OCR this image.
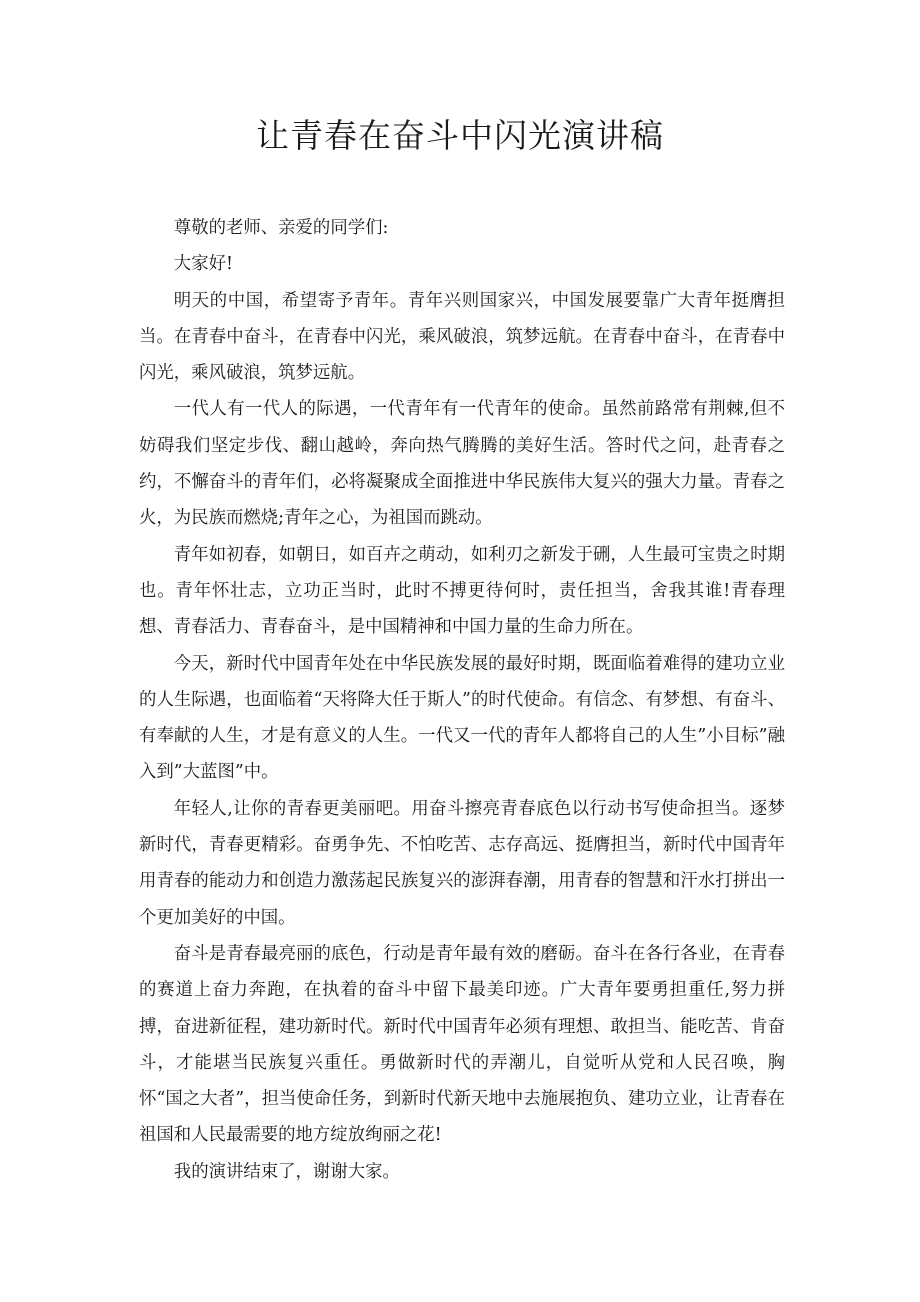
让青春在奋斗中闪光演讲稿

尊敬的老师、亲爱的同学们:

大家好!

明天的中国，希望寄予青年。青年兴则国家兴，中国发展要靠广大青年挺膺担当。在青春中奋斗，在青春中闪光，乘风破浪，筑梦远航。在青春中奋斗，在青春中闪光，乘风破浪，筑梦远航。

一代人有一代人的际遇，一代青年有一代青年的使命。虽然前路常有荆棘,但不妨碍我们坚定步伐、翻山越岭，奔向热气腾腾的美好生活。答时代之问，赴青春之约，不懈奋斗的青年们，必将凝聚成全面推进中华民族伟大复兴的强大力量。青春之火，为民族而燃烧;青年之心，为祖国而跳动。

青年如初春，如朝日，如百卉之萌动，如利刃之新发于硎，人生最可宝贵之时期也。青年怀壮志，立功正当时，此时不搏更待何时，责任担当，舍我其谁!青春理想、青春活力、青春奋斗，是中国精神和中国力量的生命力所在。

今天，新时代中国青年处在中华民族发展的最好时期，既面临着难得的建功立业的人生际遇，也面临着“天将降大任于斯人”的时代使命。有信念、有梦想、有奋斗、有奉献的人生，才是有意义的人生。一代又一代的青年人都将自己的人生”小目标”融入到”大蓝图”中。

年轻人,让你的青春更美丽吧。用奋斗擦亮青春底色以行动书写使命担当。逐梦新时代，青春更精彩。奋勇争先、不怕吃苦、志存高远、挺膺担当，新时代中国青年用青春的能动力和创造力激荡起民族复兴的澎湃春潮，用青春的智慧和汗水打拼出一个更加美好的中国。

奋斗是青春最亮丽的底色，行动是青年最有效的磨砺。奋斗在各行各业，在青春的赛道上奋力奔跑，在执着的奋斗中留下最美印迹。广大青年要勇担重任,努力拼搏，奋进新征程，建功新时代。新时代中国青年必须有理想、敢担当、能吃苦、肯奋斗，才能堪当民族复兴重任。勇做新时代的弄潮儿，自觉听从党和人民召唤，胸怀“国之大者”，担当使命任务，到新时代新天地中去施展抱负、建功立业，让青春在祖国和人民最需要的地方绽放绚丽之花!

我的演讲结束了，谢谢大家。
